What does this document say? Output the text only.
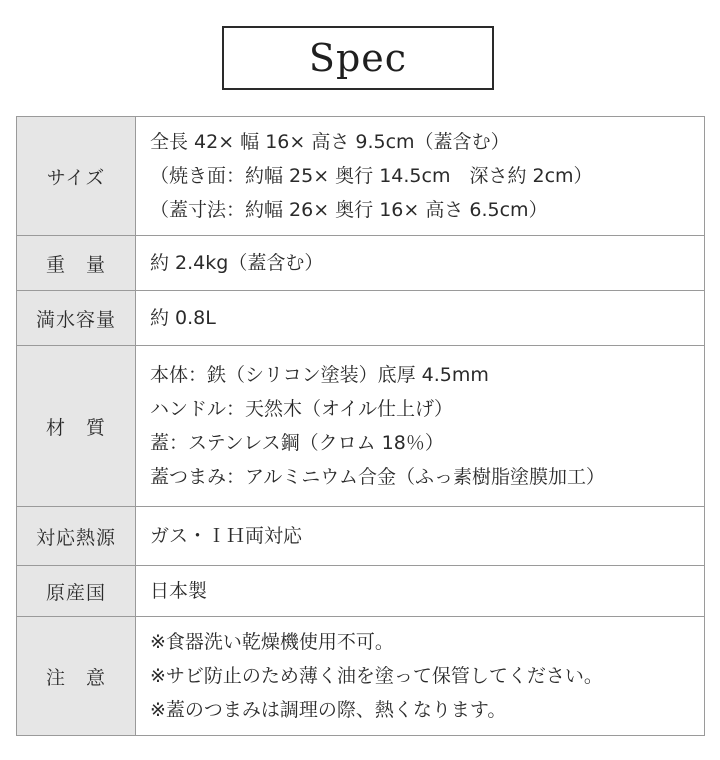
Spec
サイズ	全長 42× 幅 16× 高さ 9.5cm（蓋含む）
（焼き面：約幅 25× 奥行 14.5cm　深さ約 2cm）
（蓋寸法：約幅 26× 奥行 16× 高さ 6.5cm）

重　量	約 2.4kg（蓋含む）

満水容量	約 0.8L

材　質	本体：鉄（シリコン塗装）底厚 4.5mm
ハンドル：天然木（オイル仕上げ）
蓋：ステンレス鋼（クロム 18％）
蓋つまみ：アルミニウム合金（ふっ素樹脂塗膜加工）

対応熱源	ガス・ＩＨ両対応

原産国	日本製

注　意	※食器洗い乾燥機使用不可。
※サビ防止のため薄く油を塗って保管してください。
※蓋のつまみは調理の際、熱くなります。
